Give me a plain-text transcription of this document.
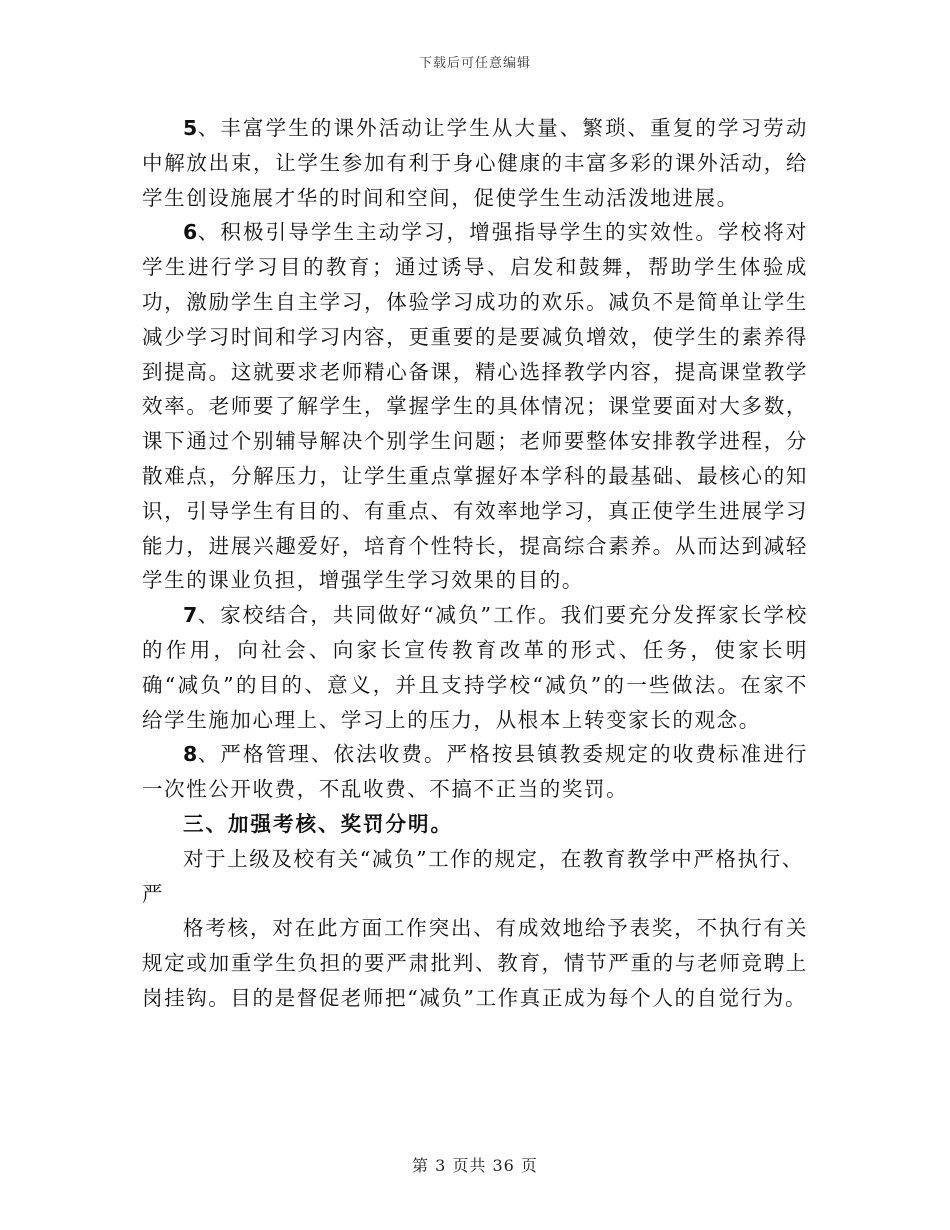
下载后可任意编辑

5、丰富学生的课外活动让学生从大量、繁琐、重复的学习劳动中解放出束，让学生参加有利于身心健康的丰富多彩的课外活动，给学生创设施展才华的时间和空间，促使学生生动活泼地进展。

6、积极引导学生主动学习，增强指导学生的实效性。学校将对学生进行学习目的教育；通过诱导、启发和鼓舞，帮助学生体验成功，激励学生自主学习，体验学习成功的欢乐。减负不是简单让学生减少学习时间和学习内容，更重要的是要减负增效，使学生的素养得到提高。这就要求老师精心备课，精心选择教学内容，提高课堂教学效率。老师要了解学生，掌握学生的具体情况；课堂要面对大多数，课下通过个别辅导解决个别学生问题；老师要整体安排教学进程，分散难点，分解压力，让学生重点掌握好本学科的最基础、最核心的知识，引导学生有目的、有重点、有效率地学习，真正使学生进展学习能力，进展兴趣爱好，培育个性特长，提高综合素养。从而达到减轻学生的课业负担，增强学生学习效果的目的。

7、家校结合，共同做好“减负”工作。我们要充分发挥家长学校的作用，向社会、向家长宣传教育改革的形式、任务，使家长明确“减负”的目的、意义，并且支持学校“减负”的一些做法。在家不给学生施加心理上、学习上的压力，从根本上转变家长的观念。

8、严格管理、依法收费。严格按县镇教委规定的收费标准进行一次性公开收费，不乱收费、不搞不正当的奖罚。

三、加强考核、奖罚分明。

对于上级及校有关“减负”工作的规定，在教育教学中严格执行、

严

格考核，对在此方面工作突出、有成效地给予表奖，不执行有关规定或加重学生负担的要严肃批判、教育，情节严重的与老师竞聘上岗挂钩。目的是督促老师把“减负”工作真正成为每个人的自觉行为。

第 3 页共 36 页
